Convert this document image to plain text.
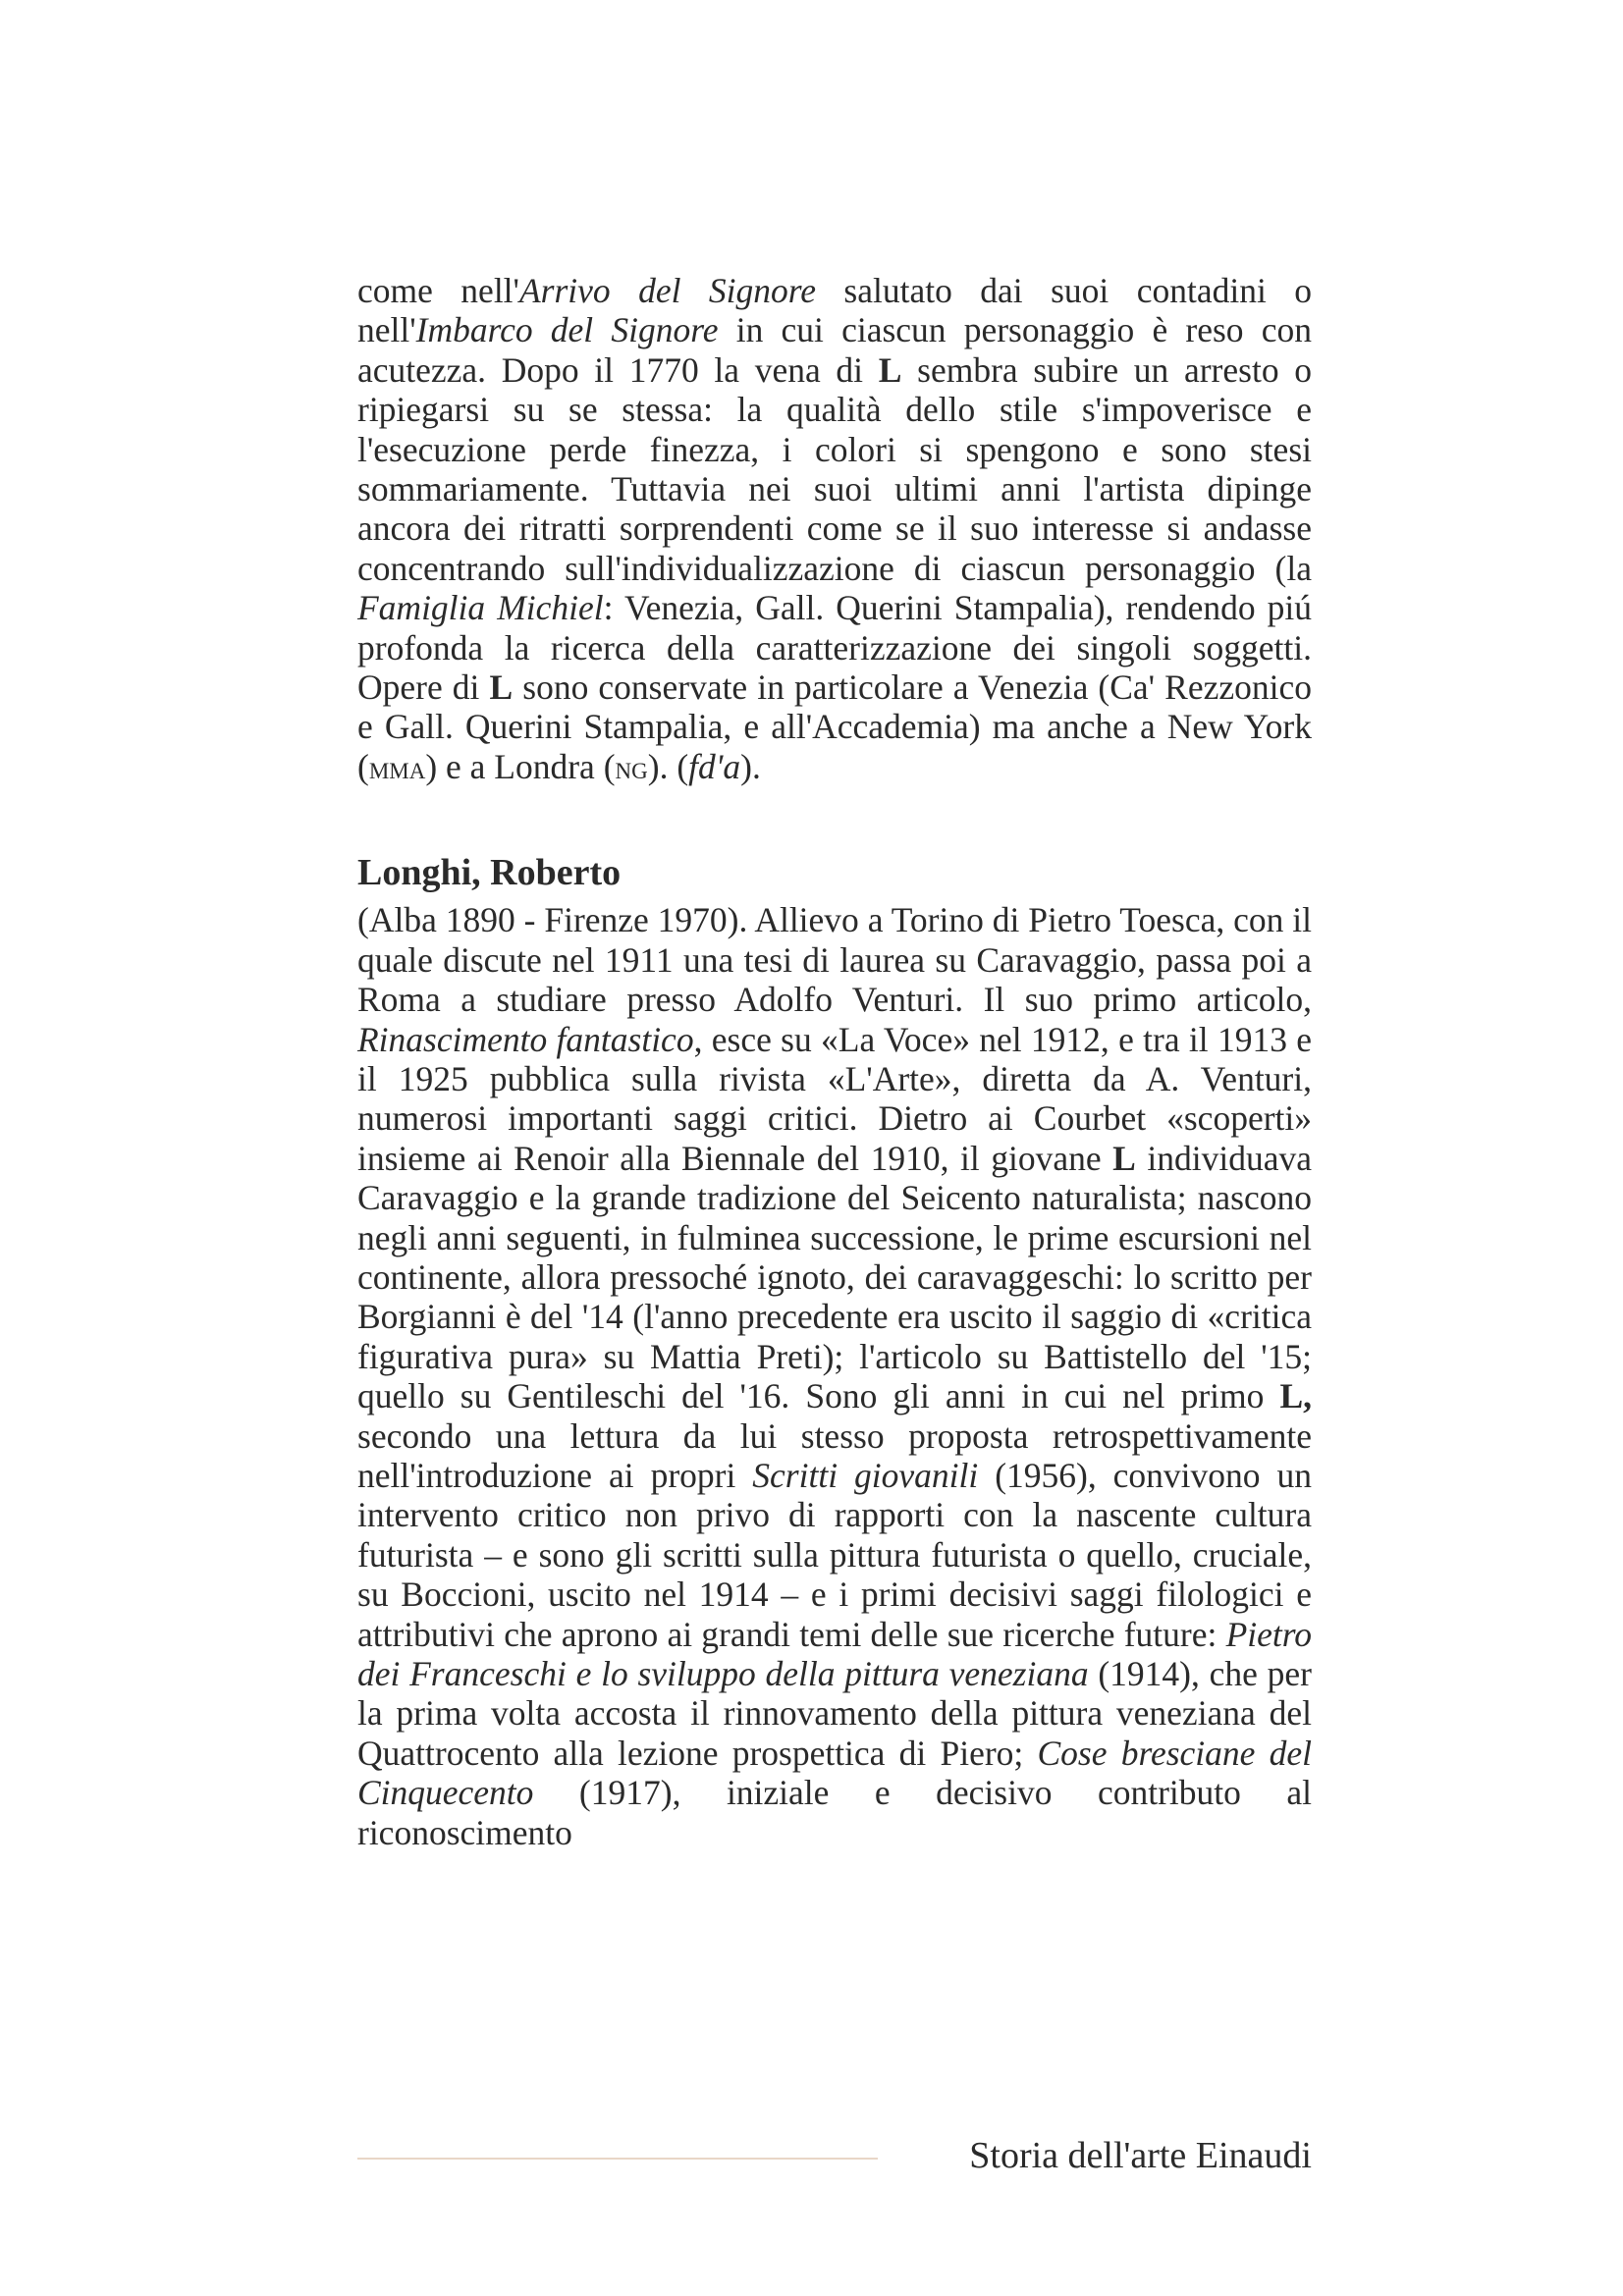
come nell'Arrivo del Signore salutato dai suoi contadini o nell'Imbarco del Signore in cui ciascun personaggio è reso con acutezza. Dopo il 1770 la vena di L sembra subire un arresto o ripiegarsi su se stessa: la qualità dello stile s'impoverisce e l'esecuzione perde finezza, i colori si spengono e sono stesi sommariamente. Tuttavia nei suoi ultimi anni l'artista dipinge ancora dei ritratti sorprendenti come se il suo interesse si andasse concentrando sull'individualizzazione di ciascun personaggio (la Famiglia Michiel: Venezia, Gall. Querini Stampalia), rendendo piú profonda la ricerca della caratterizzazione dei singoli soggetti. Opere di L sono conservate in particolare a Venezia (Ca' Rezzonico e Gall. Querini Stampalia, e all'Accademia) ma anche a New York (mma) e a Londra (ng). (fd'a).

Longhi, Roberto

(Alba 1890 - Firenze 1970). Allievo a Torino di Pietro Toesca, con il quale discute nel 1911 una tesi di laurea su Caravaggio, passa poi a Roma a studiare presso Adolfo Venturi. Il suo primo articolo, Rinascimento fantastico, esce su «La Voce» nel 1912, e tra il 1913 e il 1925 pubblica sulla rivista «L'Arte», diretta da A. Venturi, numerosi importanti saggi critici. Dietro ai Courbet «scoperti» insieme ai Renoir alla Biennale del 1910, il giovane L individuava Caravaggio e la grande tradizione del Seicento naturalista; nascono negli anni seguenti, in fulminea successione, le prime escursioni nel continente, allora pressoché ignoto, dei caravaggeschi: lo scritto per Borgianni è del '14 (l'anno precedente era uscito il saggio di «critica figurativa pura» su Mattia Preti); l'articolo su Battistello del '15; quello su Gentileschi del '16. Sono gli anni in cui nel primo L, secondo una lettura da lui stesso proposta retrospettivamente nell'introduzione ai propri Scritti giovanili (1956), convivono un intervento critico non privo di rapporti con la nascente cultura futurista – e sono gli scritti sulla pittura futurista o quello, cruciale, su Boccioni, uscito nel 1914 – e i primi decisivi saggi filologici e attributivi che aprono ai grandi temi delle sue ricerche future: Pietro dei Franceschi e lo sviluppo della pittura veneziana (1914), che per la prima volta accosta il rinnovamento della pittura veneziana del Quattrocento alla lezione prospettica di Piero; Cose bresciane del Cinquecento (1917), iniziale e decisivo contributo al riconoscimento

Storia dell'arte Einaudi
